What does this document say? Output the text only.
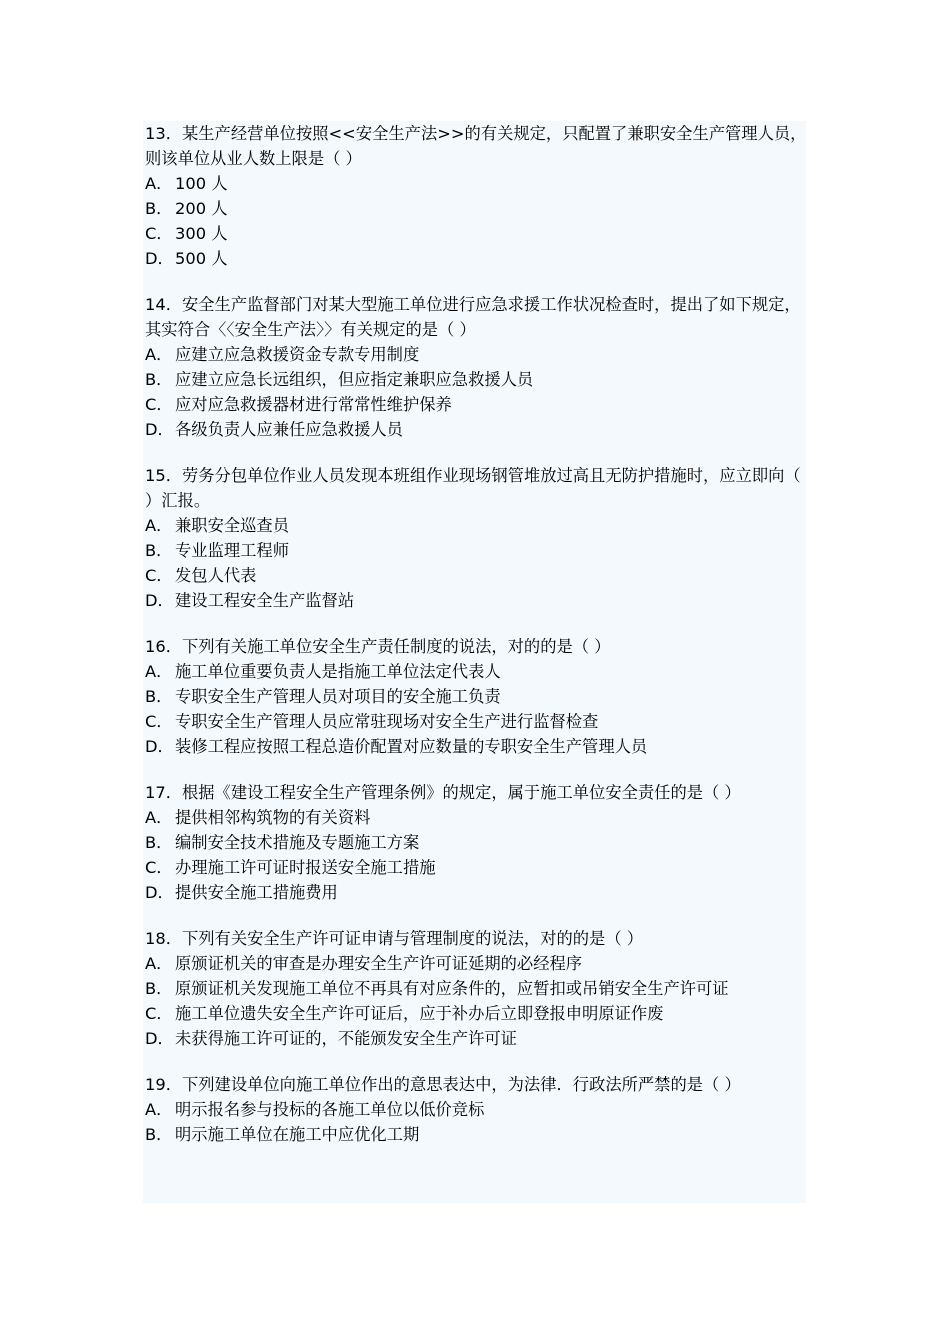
13．某生产经营单位按照<<安全生产法>>的有关规定，只配置了兼职安全生产管理人员，则该单位从业人数上限是（ ）

A． 100 人

B． 200 人

C． 300 人

D．500 人

14．安全生产监督部门对某大型施工单位进行应急求援工作状况检查时，提出了如下规定，其实符合〈〈安全生产法〉〉有关规定的是（ ）

A． 应建立应急救援资金专款专用制度

B． 应建立应急长远组织，但应指定兼职应急救援人员

C． 应对应急救援器材进行常常性维护保养

D．各级负责人应兼任应急救援人员

15．劳务分包单位作业人员发现本班组作业现场钢管堆放过高且无防护措施时，应立即向（ ）汇报。

A． 兼职安全巡查员

B． 专业监理工程师

C． 发包人代表

D．建设工程安全生产监督站

16．下列有关施工单位安全生产责任制度的说法，对的的是（ ）

A． 施工单位重要负责人是指施工单位法定代表人

B． 专职安全生产管理人员对项目的安全施工负责

C． 专职安全生产管理人员应常驻现场对安全生产进行监督检查

D．装修工程应按照工程总造价配置对应数量的专职安全生产管理人员

17．根据《建设工程安全生产管理条例》的规定，属于施工单位安全责任的是（ ）

A． 提供相邻构筑物的有关资料

B． 编制安全技术措施及专题施工方案

C． 办理施工许可证时报送安全施工措施

D．提供安全施工措施费用

18．下列有关安全生产许可证申请与管理制度的说法，对的的是（ ）

A． 原颁证机关的审查是办理安全生产许可证延期的必经程序

B． 原颁证机关发现施工单位不再具有对应条件的，应暂扣或吊销安全生产许可证

C． 施工单位遗失安全生产许可证后，应于补办后立即登报申明原证作废

D．未获得施工许可证的，不能颁发安全生产许可证

19．下列建设单位向施工单位作出的意思表达中，为法律．行政法所严禁的是（ ）

A． 明示报名参与投标的各施工单位以低价竞标

B． 明示施工单位在施工中应优化工期
